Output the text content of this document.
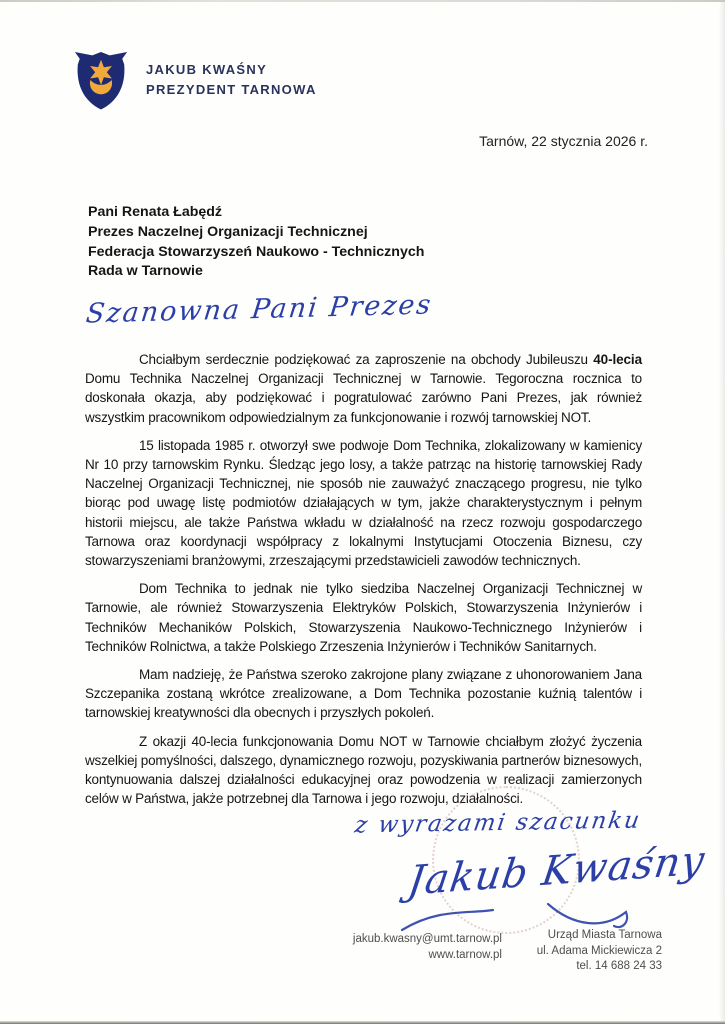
JAKUB KWAŚNY
PREZYDENT TARNOWA
Tarnów, 22 stycznia 2026 r.
Pani Renata Łabędź
Prezes Naczelnej Organizacji Technicznej
Federacja Stowarzyszeń Naukowo - Technicznych
Rada w Tarnowie
Szanowna Pani Prezes

Chciałbym serdecznie podziękować za zaproszenie na obchody Jubileuszu 40-lecia Domu Technika Naczelnej Organizacji Technicznej w Tarnowie. Tegoroczna rocznica to doskonała okazja, aby podziękować i pogratulować zarówno Pani Prezes, jak również wszystkim pracownikom odpowiedzialnym za funkcjonowanie i rozwój tarnowskiej NOT.

15 listopada 1985 r. otworzył swe podwoje Dom Technika, zlokalizowany w kamienicy Nr 10 przy tarnowskim Rynku. Śledząc jego losy, a także patrząc na historię tarnowskiej Rady Naczelnej Organizacji Technicznej, nie sposób nie zauważyć znaczącego progresu, nie tylko biorąc pod uwagę listę podmiotów działających w tym, jakże charakterystycznym i pełnym historii miejscu, ale także Państwa wkładu w działalność na rzecz rozwoju gospodarczego Tarnowa oraz koordynacji współpracy z lokalnymi Instytucjami Otoczenia Biznesu, czy stowarzyszeniami branżowymi, zrzeszającymi przedstawicieli zawodów technicznych.

Dom Technika to jednak nie tylko siedziba Naczelnej Organizacji Technicznej w Tarnowie, ale również Stowarzyszenia Elektryków Polskich, Stowarzyszenia Inżynierów i Techników Mechaników Polskich, Stowarzyszenia Naukowo-Technicznego Inżynierów i Techników Rolnictwa, a także Polskiego Zrzeszenia Inżynierów i Techników Sanitarnych.

Mam nadzieję, że Państwa szeroko zakrojone plany związane z uhonorowaniem Jana Szczepanika zostaną wkrótce zrealizowane, a Dom Technika pozostanie kuźnią talentów i tarnowskiej kreatywności dla obecnych i przyszłych pokoleń.

Z okazji 40-lecia funkcjonowania Domu NOT w Tarnowie chciałbym złożyć życzenia wszelkiej pomyślności, dalszego, dynamicznego rozwoju, pozyskiwania partnerów biznesowych, kontynuowania dalszej działalności edukacyjnej oraz powodzenia w realizacji zamierzonych celów w Państwa, jakże potrzebnej dla Tarnowa i jego rozwoju, działalności.

z wyrazami szacunku
Jakub Kwaśny
jakub.kwasny@umt.tarnow.pl
www.tarnow.pl
Urząd Miasta Tarnowa
ul. Adama Mickiewicza 2
tel. 14 688 24 33
